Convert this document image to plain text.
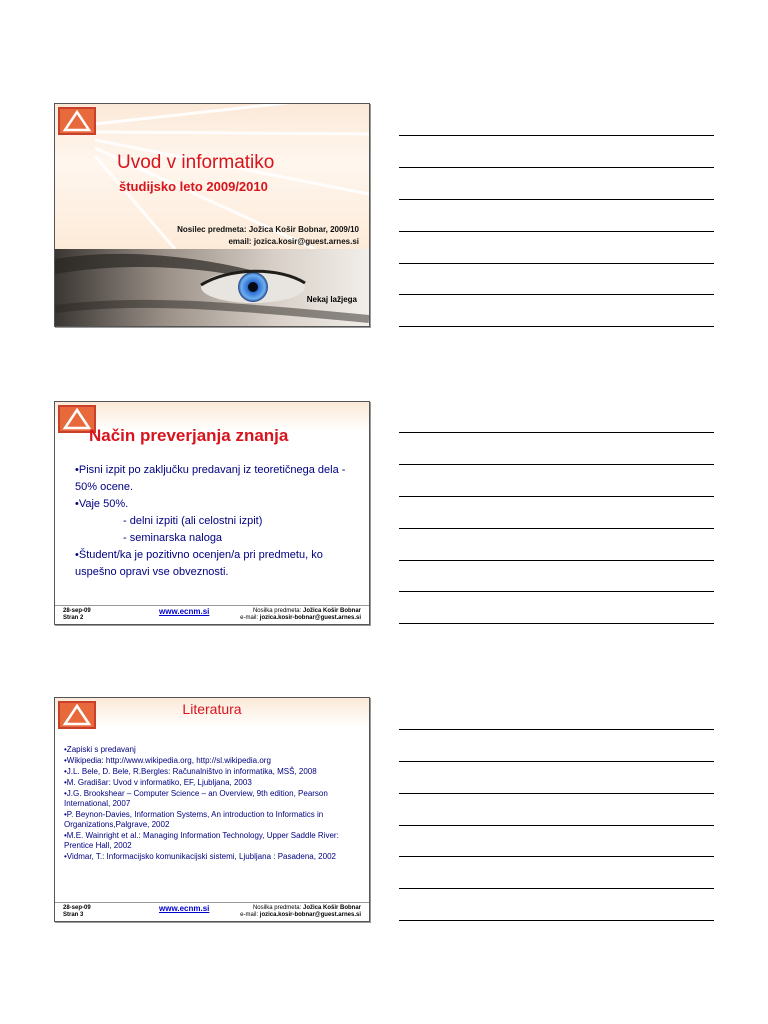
Uvod v informatiko
študijsko leto 2009/2010
Nosilec predmeta: Jožica Košir Bobnar, 2009/10
email: jozica.kosir@guest.arnes.si
Nekaj lažjega
Način preverjanja znanja
•Pisni izpit po zaključku predavanj iz teoretičnega dela - 50% ocene.
•Vaje 50%.
- delni izpiti (ali celostni izpit)
- seminarska naloga
•Študent/ka je pozitivno ocenjen/a pri predmetu, ko uspešno opravi vse obveznosti.
28-sep-09
Stran 2
www.ecnm.si	Nosilka predmeta: Jožica Košir Bobnar
e-mail: jozica.kosir-bobnar@guest.arnes.si
Literatura
•Zapiski s predavanj
•Wikipedia: http://www.wikipedia.org, http://sl.wikipedia.org
•J.L. Bele, D. Bele, R.Bergles: Računalništvo in informatika, MSŠ, 2008
•M. Gradišar: Uvod v informatiko, EF, Ljubljana, 2003
•J.G. Brookshear – Computer Science – an Overview, 9th edition, Pearson International, 2007
•P. Beynon-Davies, Information Systems, An introduction to Informatics in Organizations,Palgrave, 2002
•M.E. Wainright et al.: Managing Information Technology, Upper Saddle River: Prentice Hall, 2002
•Vidmar, T.: Informacijsko komunikacijski sistemi, Ljubljana : Pasadena, 2002
28-sep-09
Stran 3
www.ecnm.si	Nosilka predmeta: Jožica Košir Bobnar
e-mail: jozica.kosir-bobnar@guest.arnes.si
